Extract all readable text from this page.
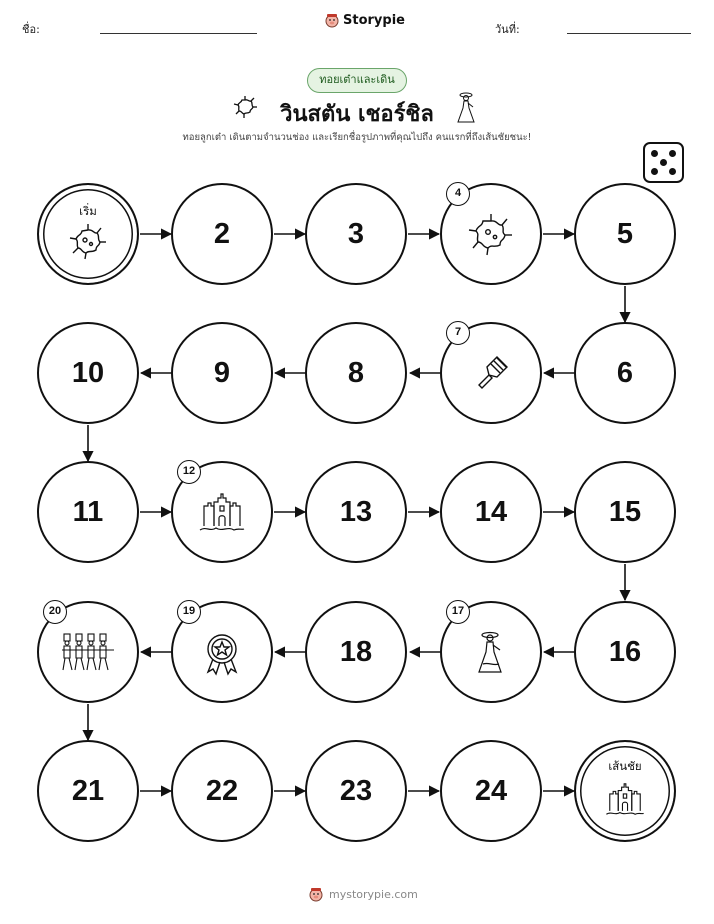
ชื่อ:
Storypie
วันที่:
ทอยเต๋าและเดิน
วินสตัน เชอร์ชิล
ทอยลูกเต๋า เดินตามจำนวนช่อง และเรียกชื่อรูปภาพที่คุณไปถึง คนแรกที่ถึงเส้นชัยชนะ!
เริ่ม
2	3
4
5
10	9	8
7
6
11
12
13	14	15
20	19
18
17
16
21	22	23	24
เส้นชัย
mystorypie.com
